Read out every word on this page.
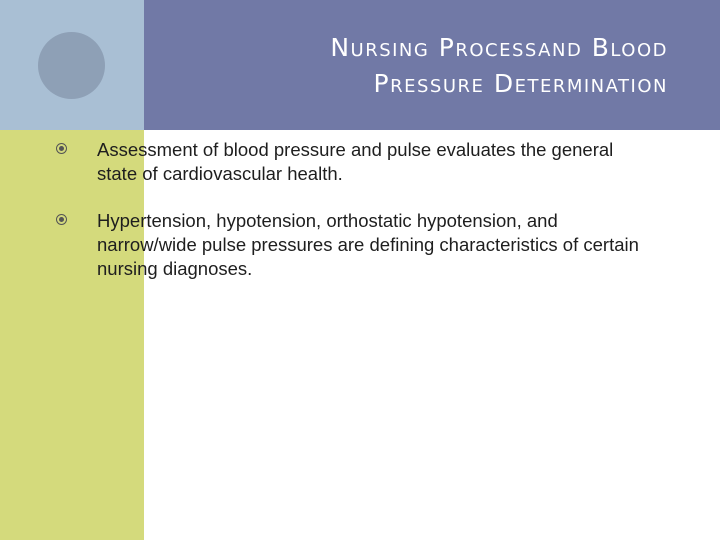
Nursing Processand Blood
Pressure Determination
Assessment of blood pressure and pulse evaluates the general state of cardiovascular health.
Hypertension, hypotension, orthostatic hypotension, and narrow/wide pulse pressures are defining characteristics of certain nursing diagnoses.
